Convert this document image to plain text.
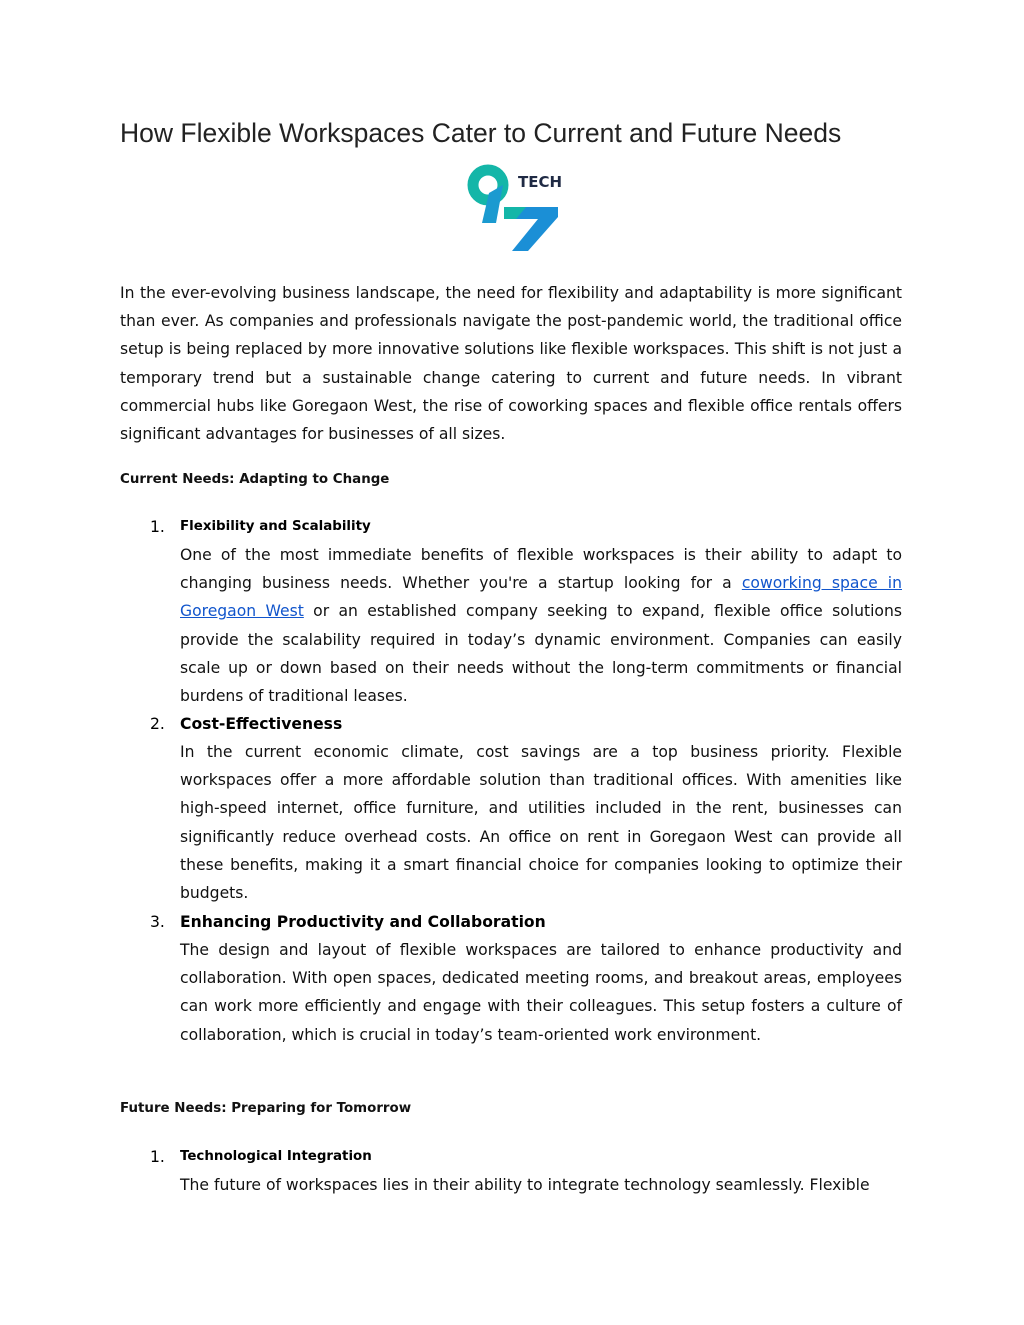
How Flexible Workspaces Cater to Current and Future Needs
TECH

In the ever-evolving business landscape, the need for flexibility and adaptability is more significant than ever. As companies and professionals navigate the post-pandemic world, the traditional office setup is being replaced by more innovative solutions like flexible workspaces. This shift is not just a temporary trend but a sustainable change catering to current and future needs. In vibrant commercial hubs like Goregaon West, the rise of coworking spaces and flexible office rentals offers significant advantages for businesses of all sizes.

Current Needs: Adapting to Change
1. Flexibility and Scalability

One of the most immediate benefits of flexible workspaces is their ability to adapt to changing business needs. Whether you're a startup looking for a coworking space in Goregaon West or an established company seeking to expand, flexible office solutions provide the scalability required in today’s dynamic environment. Companies can easily scale up or down based on their needs without the long-term commitments or financial burdens of traditional leases.

2. Cost-Effectiveness

In the current economic climate, cost savings are a top business priority. Flexible workspaces offer a more affordable solution than traditional offices. With amenities like high-speed internet, office furniture, and utilities included in the rent, businesses can significantly reduce overhead costs. An office on rent in Goregaon West can provide all these benefits, making it a smart financial choice for companies looking to optimize their budgets.

3. Enhancing Productivity and Collaboration

The design and layout of flexible workspaces are tailored to enhance productivity and collaboration. With open spaces, dedicated meeting rooms, and breakout areas, employees can work more efficiently and engage with their colleagues. This setup fosters a culture of collaboration, which is crucial in today’s team-oriented work environment.

Future Needs: Preparing for Tomorrow
1. Technological Integration

The future of workspaces lies in their ability to integrate technology seamlessly. Flexible
